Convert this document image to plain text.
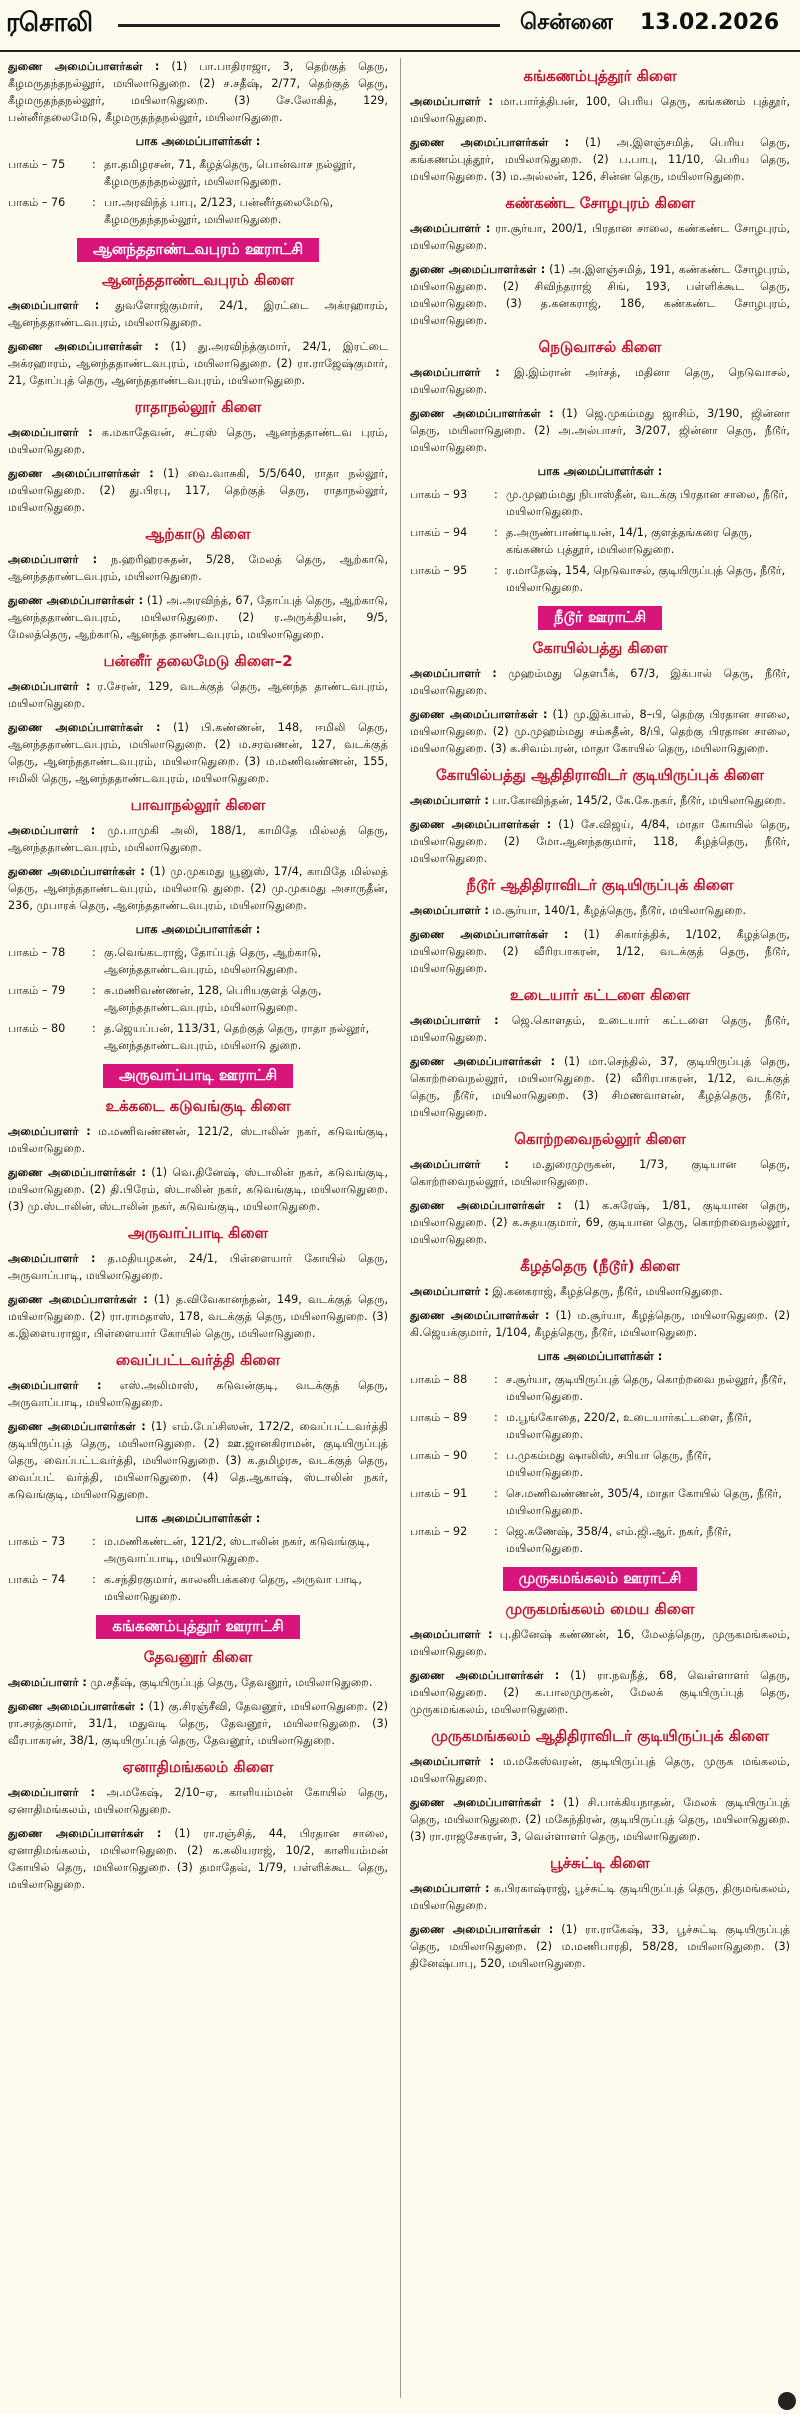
ரசொலி	சென்னை 13.02.2026

துணை அமைப்பாளர்கள் : (1) பா.பாதிராஜா, 3, தெற்குத் தெரு, கீழமருதந்தநல்லூர், மயிலாடுதுறை. (2) ச.சதீஷ், 2/77, தெற்குத் தெரு, கீழமருதந்தநல்லூர், மயிலாடுதுறை. (3) சே.லோகித், 129, பன்னீர்தலைமேடு, கீழமருதந்தநல்லூர், மயிலாடுதுறை.

பாக அமைப்பாளர்கள் :
பாகம் – 75	: தா.தமிழரசன், 71, கீழத்தெரு, பொன்வாச நல்லூர், கீழமருதந்தநல்லூர், மயிலாடுதுறை.
பாகம் – 76	: பா.அரவிந்த் பாபு, 2/123, பன்னீர்தலைமேடு, கீழமருதந்தநல்லூர், மயிலாடுதுறை.
ஆனந்ததாண்டவபுரம் ஊராட்சி
ஆனந்ததாண்டவபுரம் கிளை

அமைப்பாளர் : துவளோஜ்குமார், 24/1, இரட்டை அக்ரஹாரம், ஆனந்ததாண்டவபுரம், மயிலாடுதுறை.

துணை அமைப்பாளர்கள் : (1) து.அரவிந்த்குமார், 24/1, இரட்டை அக்ரஹாரம், ஆனந்ததாண்டவபுரம், மயிலாடுதுறை. (2) ரா.ராஜேஷ்குமார், 21, தோப்புத் தெரு, ஆனந்ததாண்டவபுரம், மயிலாடுதுறை.

ராதாநல்லூர் கிளை

அமைப்பாளர் : க.மகாதேவன், சட்ரஸ் தெரு, ஆனந்ததாண்டவ புரம், மயிலாடுதுறை.

துணை அமைப்பாளர்கள் : (1) வை.வாசுகி, 5/5/640, ராதா நல்லூர், மயிலாடுதுறை. (2) து.பிரபு, 117, தெற்குத் தெரு, ராதாநல்லூர், மயிலாடுதுறை.

ஆற்காடு கிளை

அமைப்பாளர் : ந.ஹரிஹரசுதன், 5/28, மேலத் தெரு, ஆற்காடு, ஆனந்ததாண்டவபுரம், மயிலாடுதுறை.

துணை அமைப்பாளர்கள் : (1) அ.அரவிந்த், 67, தோப்புத் தெரு, ஆற்காடு, ஆனந்ததாண்டவபுரம், மயிலாடுதுறை. (2) ர.அருக்தியன், 9/5, மேலத்தெரு, ஆற்காடு, ஆனந்த தாண்டவபுரம், மயிலாடுதுறை.

பன்னீர் தலைமேடு கிளை–2

அமைப்பாளர் : ர.சேரன், 129, வடக்குத் தெரு, ஆனந்த தாண்டவபுரம், மயிலாடுதுறை.

துணை அமைப்பாளர்கள் : (1) பி.கண்ணன், 148, ஈமிலி தெரு, ஆனந்ததாண்டவபுரம், மயிலாடுதுறை. (2) ம.சரவணன், 127, வடக்குத் தெரு, ஆனந்ததாண்டவபுரம், மயிலாடுதுறை. (3) ம.மணிவண்ணன், 155, ஈமிலி தெரு, ஆனந்ததாண்டவபுரம், மயிலாடுதுறை.

பாவாநல்லூர் கிளை

அமைப்பாளர் : மு.பாமுகி அலி, 188/1, காமிதே மில்லத் தெரு, ஆனந்ததாண்டவபுரம், மயிலாடுதுறை.

துணை அமைப்பாளர்கள் : (1) மு.முகமது யூனுஸ், 17/4, காமிதே மில்லத் தெரு, ஆனந்ததாண்டவபுரம், மயிலாடு துறை. (2) மு.முகமது அசாருதீன், 236, முபாரக் தெரு, ஆனந்ததாண்டவபுரம், மயிலாடுதுறை.

பாக அமைப்பாளர்கள் :
பாகம் – 78	: கு.வெங்கடராஜ், தோப்புத் தெரு, ஆற்காடு, ஆனந்ததாண்டவபுரம், மயிலாடுதுறை.
பாகம் – 79	: சு.மணிவண்ணன், 128, பெரியகுளத் தெரு, ஆனந்ததாண்டவபுரம், மயிலாடுதுறை.
பாகம் – 80	: த.ஜெயப்பன், 113/31, தெற்குத் தெரு, ராதா நல்லூர், ஆனந்ததாண்டவபுரம், மயிலாடு துறை.
அருவாப்பாடி ஊராட்சி
உக்கடை கடுவங்குடி கிளை

அமைப்பாளர் : ம.மணிவண்ணன், 121/2, ஸ்டாலின் நகர், கடுவங்குடி, மயிலாடுதுறை.

துணை அமைப்பாளர்கள் : (1) வெ.தினேஷ், ஸ்டாலின் நகர், கடுவங்குடி, மயிலாடுதுறை. (2) தி.பிரேம், ஸ்டாலின் நகர், கடுவங்குடி, மயிலாடுதுறை. (3) மு.ஸ்டாலின், ஸ்டாலின் நகர், கடுவங்குடி, மயிலாடுதுறை.

அருவாப்பாடி கிளை

அமைப்பாளர் : த.மதியழகன், 24/1, பிள்ளையார் கோயில் தெரு, அருவாப்பாடி, மயிலாடுதுறை.

துணை அமைப்பாளர்கள் : (1) த.விவேகானந்தன், 149, வடக்குத் தெரு, மயிலாடுதுறை. (2) ரா.ராமதாஸ், 178, வடக்குத் தெரு, மயிலாடுதுறை. (3) க.இளையராஜா, பிள்ளையார் கோயில் தெரு, மயிலாடுதுறை.

வைப்பட்டவர்த்தி கிளை

அமைப்பாளர் : எஸ்.அலிமாஸ், கடுவன்குடி, வடக்குத் தெரு, அருவாப்பாடி, மயிலாடுதுறை.

துணை அமைப்பாளர்கள் : (1) எம்.பேப்சிஸன், 172/2, வைப்பட்டவர்த்தி குடியிருப்புத் தெரு, மயிலாடுதுறை. (2) ஊ.ஜானகிராமன், குடியிருப்புத் தெரு, வைப்பட்டவர்த்தி, மயிலாடுதுறை. (3) க.தமிழரசு, வடக்குத் தெரு, வைப்பட் வர்த்தி, மயிலாடுதுறை. (4) தெ.ஆகாஷ், ஸ்டாலின் நகர், கடுவங்குடி, மயிலாடுதுறை.

பாக அமைப்பாளர்கள் :
பாகம் – 73	: ம.மணிகண்டன், 121/2, ஸ்டாலின் நகர், கடுவங்குடி, அருவாப்பாடி, மயிலாடுதுறை.
பாகம் – 74	: க.சந்திரகுமார், காலனிபக்கரை தெரு, அருவா பாடி, மயிலாடுதுறை.
கங்கணம்புத்தூர் ஊராட்சி
தேவனூர் கிளை

அமைப்பாளர் : மு.சதீஷ், குடியிருப்புத் தெரு, தேவனூர், மயிலாடுதுறை.

துணை அமைப்பாளர்கள் : (1) கு.சிரஞ்சீவி, தேவனூர், மயிலாடுதுறை. (2) ரா.சரத்குமார், 31/1, மதுவடி தெரு, தேவனூர், மயிலாடுதுறை. (3) வீரபாகரன், 38/1, குடியிருப்புத் தெரு, தேவனூர், மயிலாடுதுறை.

ஏனாதிமங்கலம் கிளை

அமைப்பாளர் : அ.மகேஷ், 2/10–ஏ, காளியம்மன் கோயில் தெரு, ஏனாதிமங்கலம், மயிலாடுதுறை.

துணை அமைப்பாளர்கள் : (1) ரா.ரஞ்சித், 44, பிரதான சாலை, ஏனாதிமங்கலம், மயிலாடுதுறை. (2) க.கலியராஜ், 10/2, காளியம்மன் கோயில் தெரு, மயிலாடுதுறை. (3) தமாதேவ், 1/79, பள்ளிக்கூட தெரு, மயிலாடுதுறை.

கங்கணம்புத்தூர் கிளை

அமைப்பாளர் : மா.பார்த்திபன், 100, பெரிய தெரு, கங்கணம் புத்தூர், மயிலாடுதுறை.

துணை அமைப்பாளர்கள் : (1) அ.இளஞ்சமித், பெரிய தெரு, கங்கணம்புத்தூர், மயிலாடுதுறை. (2) ப.பாபு, 11/10, பெரிய தெரு, மயிலாடுதுறை. (3) ம.அல்லன், 126, சின்ன தெரு, மயிலாடுதுறை.

கண்கண்ட சோழபுரம் கிளை

அமைப்பாளர் : ரா.சூர்யா, 200/1, பிரதான சாலை, கண்கண்ட சோழபுரம், மயிலாடுதுறை.

துணை அமைப்பாளர்கள் : (1) அ.இளஞ்சமித், 191, கண்கண்ட சோழபுரம், மயிலாடுதுறை. (2) சிவிந்தராஜ் சிங், 193, பள்ளிக்கூட தெரு, மயிலாடுதுறை. (3) த.கனகராஜ், 186, கண்கண்ட சோழபுரம், மயிலாடுதுறை.

நெடுவாசல் கிளை

அமைப்பாளர் : இ.இம்ரான் அர்சத், மதினா தெரு, நெடுவாசல், மயிலாடுதுறை.

துணை அமைப்பாளர்கள் : (1) ஜெ.முகம்மது ஜாசிம், 3/190, ஜின்னா தெரு, மயிலாடுதுறை. (2) அ.அல்பாசர், 3/207, ஜின்னா தெரு, நீடூர், மயிலாடுதுறை.

பாக அமைப்பாளர்கள் :
பாகம் – 93	: மு.முஹம்மது நிபாஸ்தீன், வடக்கு பிரதான சாலை, நீடூர், மயிலாடுதுறை.
பாகம் – 94	: த.அருண்பாண்டியன், 14/1, குளத்தங்கரை தெரு, கங்கணம் புத்தூர், மயிலாடுதுறை.
பாகம் – 95	: ர.மாதேஷ், 154, நெடுவாசல், குடியிருப்புத் தெரு, நீடூர், மயிலாடுதுறை.
நீடூர் ஊராட்சி
கோயில்பத்து கிளை

அமைப்பாளர் : முஹம்மது தெளபீக், 67/3, இக்பால் தெரு, நீடூர், மயிலாடுதுறை.

துணை அமைப்பாளர்கள் : (1) மு.இக்பால், 8–பி, தெற்கு பிரதான சாலை, மயிலாடுதுறை. (2) மு.முஹம்மது சம்சுதீன், 8/பி, தெற்கு பிரதான சாலை, மயிலாடுதுறை. (3) க.சிவம்பரன், மாதா கோயில் தெரு, மயிலாடுதுறை.

கோயில்பத்து ஆதிதிராவிடர் குடியிருப்புக் கிளை

அமைப்பாளர் : பா.கோவிந்தன், 145/2, கே.கே.நகர், நீடூர், மயிலாடுதுறை.

துணை அமைப்பாளர்கள் : (1) சே.விஜய், 4/84, மாதா கோயில் தெரு, மயிலாடுதுறை. (2) மோ.ஆனந்தகுமார், 118, கீழத்தெரு, நீடூர், மயிலாடுதுறை.

நீடூர் ஆதிதிராவிடர் குடியிருப்புக் கிளை

அமைப்பாளர் : ம.சூர்யா, 140/1, கீழத்தெரு, நீடூர், மயிலாடுதுறை.

துணை அமைப்பாளர்கள் : (1) சிகார்த்திக், 1/102, கீழத்தெரு, மயிலாடுதுறை. (2) வீரிரபாகரன், 1/12, வடக்குத் தெரு, நீடூர், மயிலாடுதுறை.

உடையார் கட்டளை கிளை

அமைப்பாளர் : ஜெ.கொளதம், உடையார் கட்டளை தெரு, நீடூர், மயிலாடுதுறை.

துணை அமைப்பாளர்கள் : (1) மா.செந்தில், 37, குடியிருப்புத் தெரு, கொற்றவைநல்லூர், மயிலாடுதுறை. (2) வீரிரபாகரன், 1/12, வடக்குத் தெரு, நீடூர், மயிலாடுதுறை. (3) சிமணவாளன், கீழத்தெரு, நீடூர், மயிலாடுதுறை.

கொற்றவைநல்லூர் கிளை

அமைப்பாளர் : ம.துரைமுருகன், 1/73, குடியான தெரு, கொற்றவைநல்லூர், மயிலாடுதுறை.

துணை அமைப்பாளர்கள் : (1) க.சுரேஷ், 1/81, குடியான தெரு, மயிலாடுதுறை. (2) க.சுதயகுமார், 69, குடியான தெரு, கொற்றவைநல்லூர், மயிலாடுதுறை.

கீழத்தெரு (நீடூர்) கிளை

அமைப்பாளர் : இ.கனகராஜ், கீழத்தெரு, நீடூர், மயிலாடுதுறை.

துணை அமைப்பாளர்கள் : (1) ம.சூர்யா, கீழத்தெரு, மயிலாடுதுறை. (2) கி.ஜெயக்குமார், 1/104, கீழத்தெரு, நீடூர், மயிலாடுதுறை.

பாக அமைப்பாளர்கள் :
பாகம் – 88	: ச.சூர்யா, குடியிருப்புத் தெரு, கொற்றவை நல்லூர், நீடூர், மயிலாடுதுறை.
பாகம் – 89	: ம.பூங்கோதை, 220/2, உடையார்கட்டளை, நீடூர், மயிலாடுதுறை.
பாகம் – 90	: ப.முகம்மது ஷாலிஸ், சபியா தெரு, நீடூர், மயிலாடுதுறை.
பாகம் – 91	: செ.மணிவண்ணன், 305/4, மாதா கோயில் தெரு, நீடூர், மயிலாடுதுறை.
பாகம் – 92	: ஜெ.கணேஷ், 358/4, எம்.ஜி.ஆர். நகர், நீடூர், மயிலாடுதுறை.
முருகமங்கலம் ஊராட்சி
முருகமங்கலம் மைய கிளை

அமைப்பாளர் : பு.தினேஷ் கண்ணன், 16, மேலத்தெரு, முருகமங்கலம், மயிலாடுதுறை.

துணை அமைப்பாளர்கள் : (1) ரா.நவநீத், 68, வெள்ளாளர் தெரு, மயிலாடுதுறை. (2) க.பாலமுருகன், மேலக் குடியிருப்புத் தெரு, முருகமங்கலம், மயிலாடுதுறை.

முருகமங்கலம் ஆதிதிராவிடர் குடியிருப்புக் கிளை

அமைப்பாளர் : ம.மகேஸ்வரன், குடியிருப்புத் தெரு, முருக மங்கலம், மயிலாடுதுறை.

துணை அமைப்பாளர்கள் : (1) சி.பாக்கியநாதன், மேலக் குடியிருப்புத் தெரு, மயிலாடுதுறை. (2) மகேந்திரன், குடியிருப்புத் தெரு, மயிலாடுதுறை. (3) ரா.ராஜசேகரன், 3, வெள்ளாளர் தெரு, மயிலாடுதுறை.

பூச்சுட்டி கிளை

அமைப்பாளர் : க.பிரகாஷ்ராஜ், பூச்சுட்டி குடியிருப்புத் தெரு, திருமங்கலம், மயிலாடுதுறை.

துணை அமைப்பாளர்கள் : (1) ரா.ராகேஷ், 33, பூச்சுட்டி குடியிருப்புத் தெரு, மயிலாடுதுறை. (2) ம.மணிபாரதி, 58/28, மயிலாடுதுறை. (3) தினேஷ்பாபு, 520, மயிலாடுதுறை.
